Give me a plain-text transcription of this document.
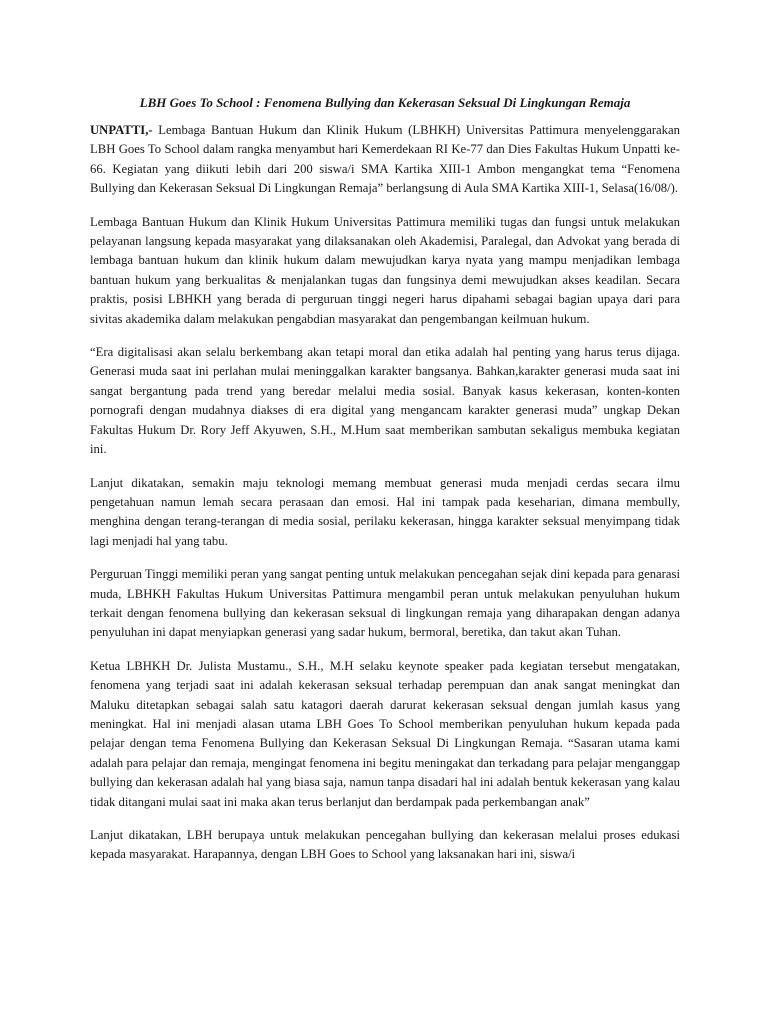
LBH Goes To School : Fenomena Bullying dan Kekerasan Seksual Di Lingkungan Remaja

UNPATTI,- Lembaga Bantuan Hukum dan Klinik Hukum (LBHKH) Universitas Pattimura menyelenggarakan LBH Goes To School dalam rangka menyambut hari Kemerdekaan RI Ke-77 dan Dies Fakultas Hukum Unpatti ke-66. Kegiatan yang diikuti lebih dari 200 siswa/i SMA Kartika XIII-1 Ambon mengangkat tema “Fenomena Bullying dan Kekerasan Seksual Di Lingkungan Remaja” berlangsung di Aula SMA Kartika XIII-1, Selasa(16/08/).

Lembaga Bantuan Hukum dan Klinik Hukum Universitas Pattimura memiliki tugas dan fungsi untuk melakukan pelayanan langsung kepada masyarakat yang dilaksanakan oleh Akademisi, Paralegal, dan Advokat yang berada di lembaga bantuan hukum dan klinik hukum dalam mewujudkan karya nyata yang mampu menjadikan lembaga bantuan hukum yang berkualitas & menjalankan tugas dan fungsinya demi mewujudkan akses keadilan. Secara praktis, posisi LBHKH yang berada di perguruan tinggi negeri harus dipahami sebagai bagian upaya dari para sivitas akademika dalam melakukan pengabdian masyarakat dan pengembangan keilmuan hukum.

“Era digitalisasi akan selalu berkembang akan tetapi moral dan etika adalah hal penting yang harus terus dijaga. Generasi muda saat ini perlahan mulai meninggalkan karakter bangsanya. Bahkan,karakter generasi muda saat ini sangat bergantung pada trend yang beredar melalui media sosial. Banyak kasus kekerasan, konten-konten pornografi dengan mudahnya diakses di era digital yang mengancam karakter generasi muda” ungkap Dekan Fakultas Hukum Dr. Rory Jeff Akyuwen, S.H., M.Hum saat memberikan sambutan sekaligus membuka kegiatan ini.

Lanjut dikatakan, semakin maju teknologi memang membuat generasi muda menjadi cerdas secara ilmu pengetahuan namun lemah secara perasaan dan emosi. Hal ini tampak pada keseharian, dimana membully, menghina dengan terang-terangan di media sosial, perilaku kekerasan, hingga karakter seksual menyimpang tidak lagi menjadi hal yang tabu.

Perguruan Tinggi memiliki peran yang sangat penting untuk melakukan pencegahan sejak dini kepada para genarasi muda, LBHKH Fakultas Hukum Universitas Pattimura mengambil peran untuk melakukan penyuluhan hukum terkait dengan fenomena bullying dan kekerasan seksual di lingkungan remaja yang diharapakan dengan adanya penyuluhan ini dapat menyiapkan generasi yang sadar hukum, bermoral, beretika, dan takut akan Tuhan.

Ketua LBHKH Dr. Julista Mustamu., S.H., M.H selaku keynote speaker pada kegiatan tersebut mengatakan, fenomena yang terjadi saat ini adalah kekerasan seksual terhadap perempuan dan anak sangat meningkat dan Maluku ditetapkan sebagai salah satu katagori daerah darurat kekerasan seksual dengan jumlah kasus yang meningkat. Hal ini menjadi alasan utama LBH Goes To School memberikan penyuluhan hukum kepada pada pelajar dengan tema Fenomena Bullying dan Kekerasan Seksual Di Lingkungan Remaja. “Sasaran utama kami adalah para pelajar dan remaja, mengingat fenomena ini begitu meningakat dan terkadang para pelajar menganggap bullying dan kekerasan adalah hal yang biasa saja, namun tanpa disadari hal ini adalah bentuk kekerasan yang kalau tidak ditangani mulai saat ini maka akan terus berlanjut dan berdampak pada perkembangan anak”

Lanjut dikatakan, LBH berupaya untuk melakukan pencegahan bullying dan kekerasan melalui proses edukasi kepada masyarakat. Harapannya, dengan LBH Goes to School yang laksanakan hari ini, siswa/i
